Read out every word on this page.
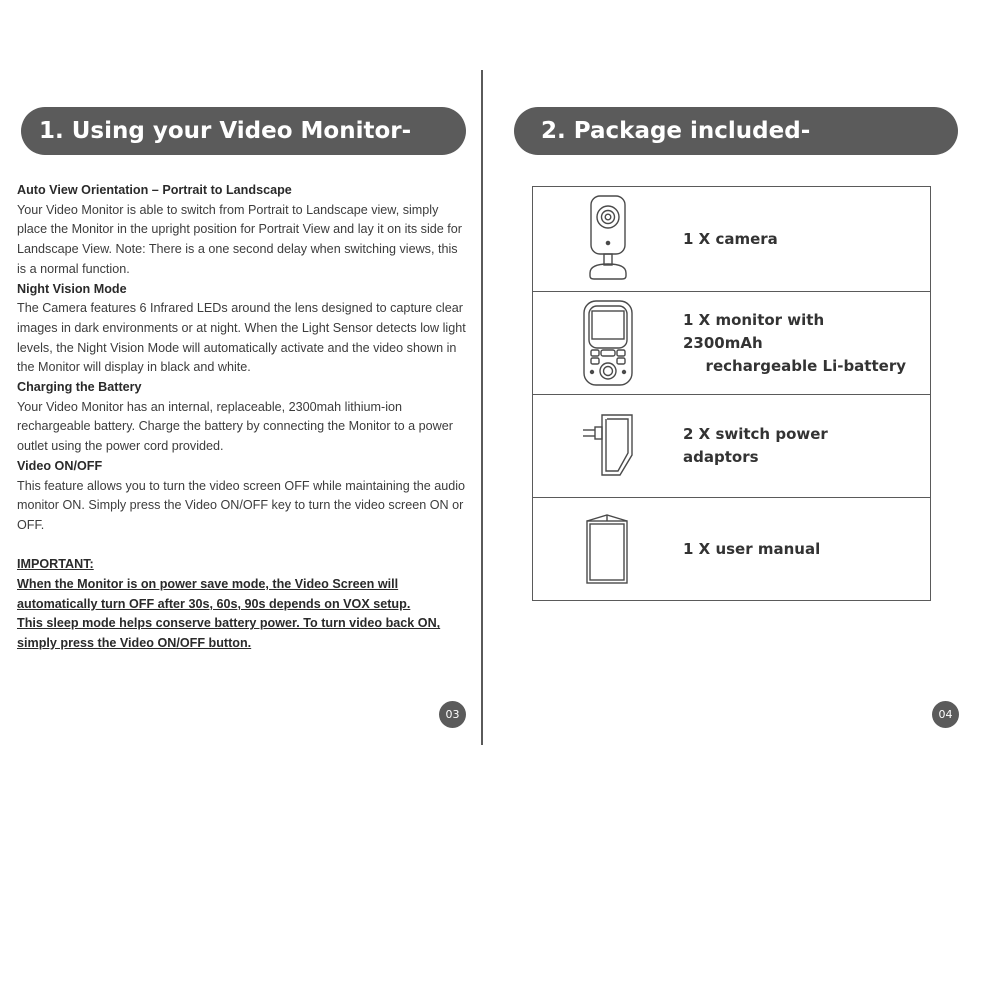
1. Using your Video Monitor-

Auto View Orientation – Portrait to Landscape

Your Video Monitor is able to switch from Portrait to Landscape view, simply place the Monitor in the upright position for Portrait View and lay it on its side for Landscape View. Note: There is a one second delay when switching views, this is a normal function.

Night Vision Mode

The Camera features 6 Infrared LEDs around the lens designed to capture clear images in dark environments or at night. When the Light Sensor detects low light levels, the Night Vision Mode will automatically activate and the video shown in the Monitor will display in black and white.

Charging the Battery

Your Video Monitor has an internal, replaceable, 2300mah lithium-ion rechargeable battery. Charge the battery by connecting the Monitor to a power outlet using the power cord provided.

Video ON/OFF

This feature allows you to turn the video screen OFF while maintaining the audio monitor ON. Simply press the Video ON/OFF key to turn the video screen ON or OFF.

IMPORTANT:

When the Monitor is on power save mode, the Video Screen will

automatically turn OFF after 30s, 60s, 90s depends on VOX setup.

This sleep mode helps conserve battery power. To turn video back ON,

simply press the Video ON/OFF button.

03
2. Package included-
1 X camera
1 X monitor with 2300mAh
rechargeable Li-battery
2 X switch power adaptors
1 X user manual
04
